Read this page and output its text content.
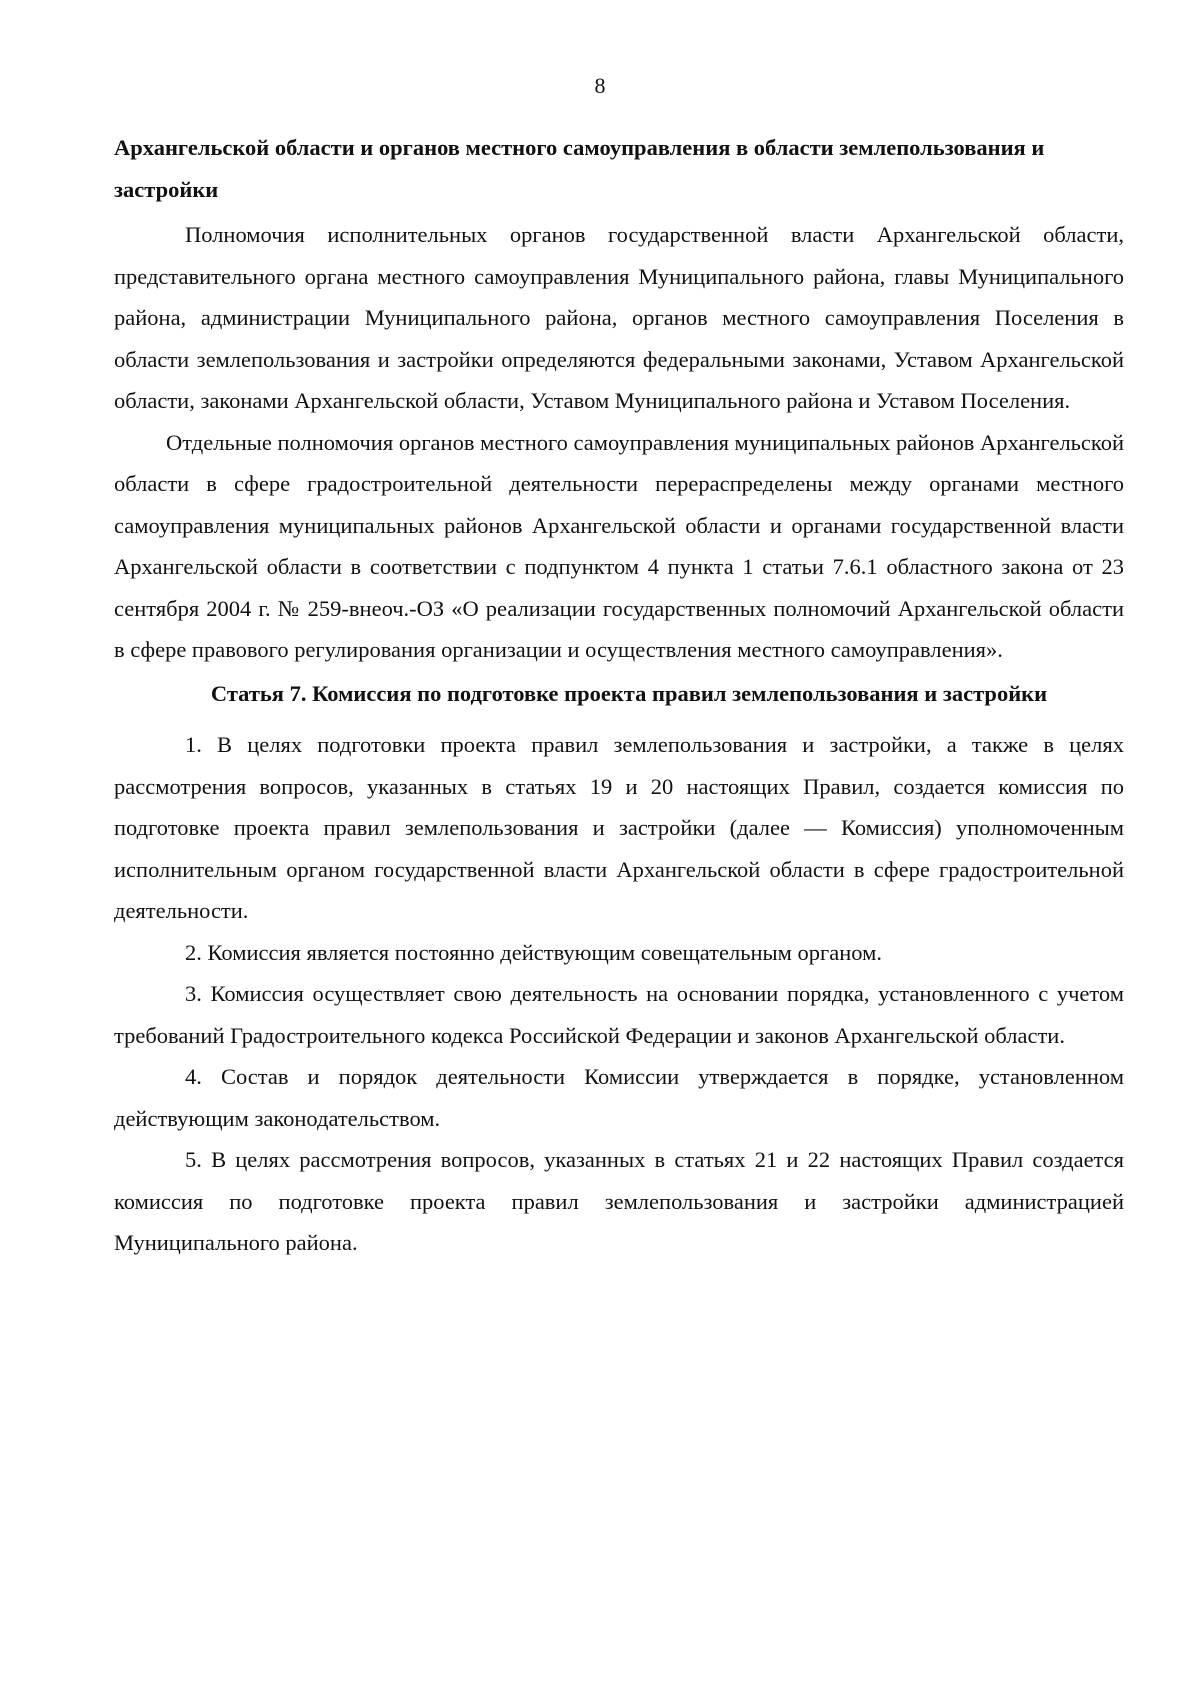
8

Архангельской области и органов местного самоуправления в области землепользования и застройки

Полномочия исполнительных органов государственной власти Архангельской области, представительного органа местного самоуправления Муниципального района, главы Муниципального района, администрации Муниципального района, органов местного самоуправления Поселения в области землепользования и застройки определяются федеральными законами, Уставом Архангельской области, законами Архангельской области, Уставом Муниципального района и Уставом Поселения.

Отдельные полномочия органов местного самоуправления муниципальных районов Архангельской области в сфере градостроительной деятельности перераспределены между органами местного самоуправления муниципальных районов Архангельской области и органами государственной власти Архангельской области в соответствии с подпунктом 4 пункта 1 статьи 7.6.1 областного закона от 23 сентября 2004 г. № 259-внеоч.-ОЗ «О реализации государственных полномочий Архангельской области в сфере правового регулирования организации и осуществления местного самоуправления».

Статья 7. Комиссия по подготовке проекта правил землепользования и застройки

1. В целях подготовки проекта правил землепользования и застройки, а также в целях рассмотрения вопросов, указанных в статьях 19 и 20 настоящих Правил, создается комиссия по подготовке проекта правил землепользования и застройки (далее — Комиссия) уполномоченным исполнительным органом государственной власти Архангельской области в сфере градостроительной деятельности.

2. Комиссия является постоянно действующим совещательным органом.

3. Комиссия осуществляет свою деятельность на основании порядка, установленного с учетом требований Градостроительного кодекса Российской Федерации и законов Архангельской области.

4. Состав и порядок деятельности Комиссии утверждается в порядке, установленном действующим законодательством.

5. В целях рассмотрения вопросов, указанных в статьях 21 и 22 настоящих Правил создается комиссия по подготовке проекта правил землепользования и застройки администрацией Муниципального района.
